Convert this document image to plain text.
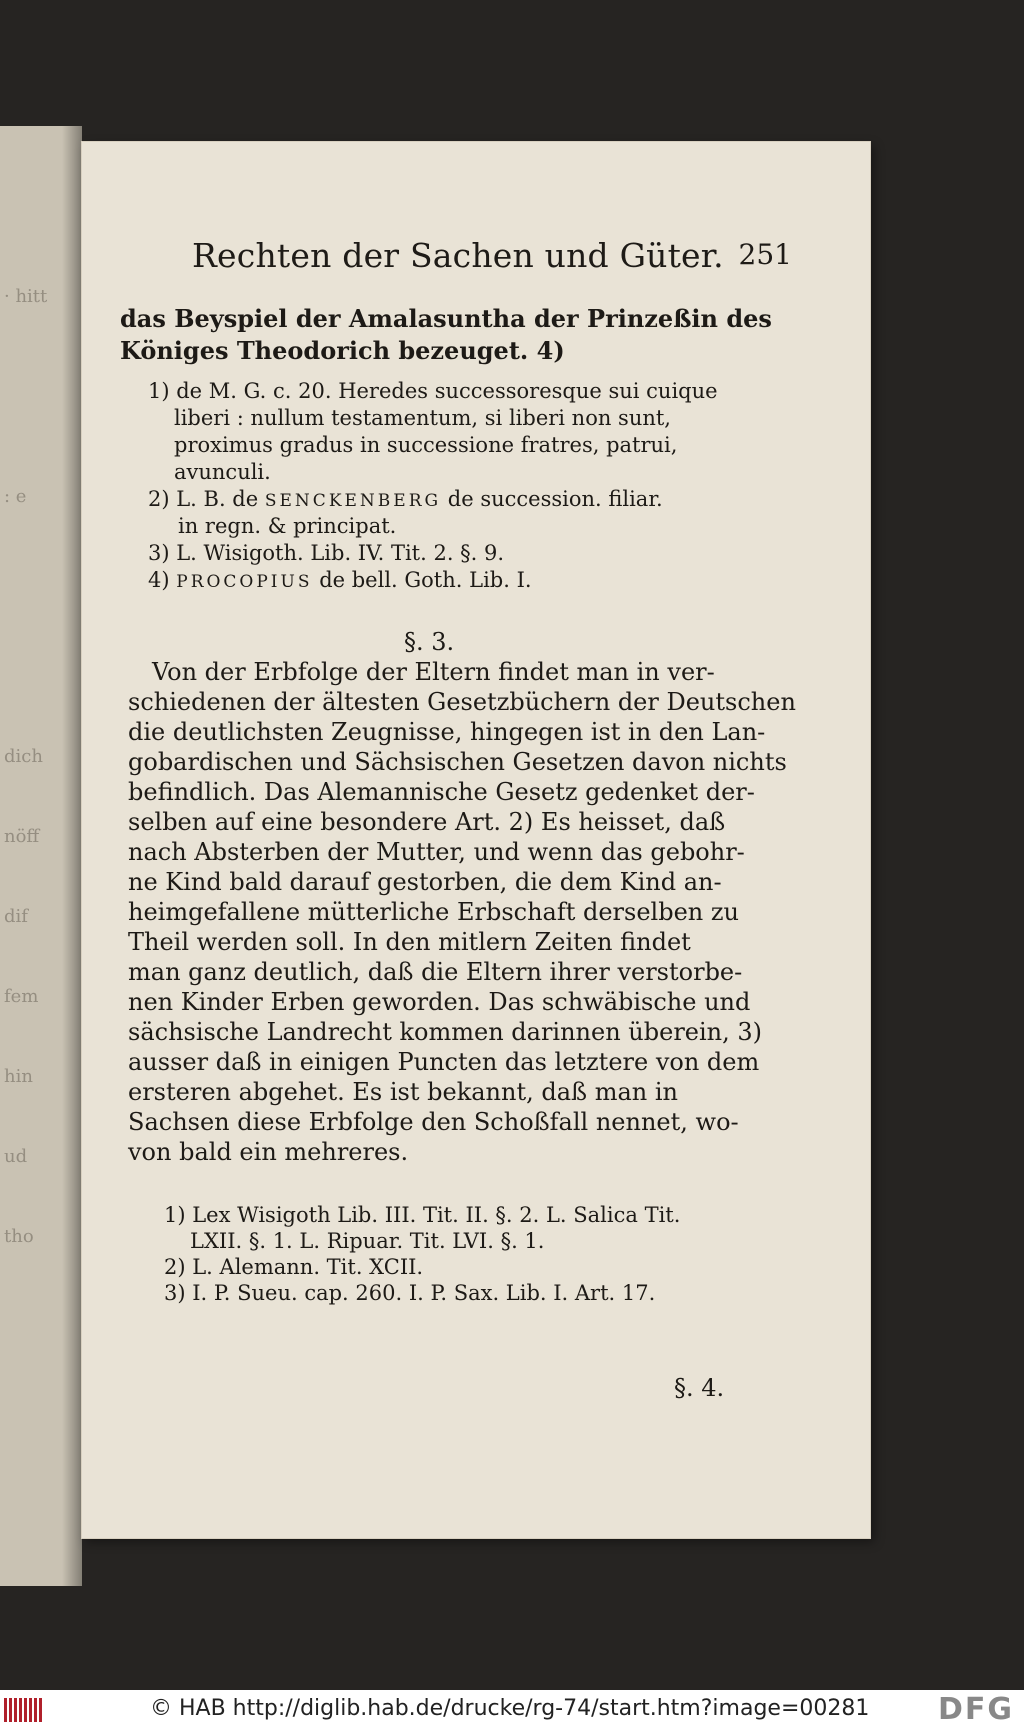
· hitt
: e
dich
nöff
dif
fem
hin
ud
tho
Rechten der Sachen und Güter. 251
das Beyspiel der Amalasuntha der Prinzeßin des
Königes Theodorich bezeuget. 4)
1) de M. G. c. 20. Heredes successoresque sui cuique
liberi : nullum testamentum, si liberi non sunt,
proximus gradus in successione fratres, patrui,
avunculi.
2) L. B. de SENCKENBERG de succession. filiar.
in regn. & principat.
3) L. Wisigoth. Lib. IV. Tit. 2. §. 9.
4) PROCOPIUS de bell. Goth. Lib. I.
§. 3.
Von der Erbfolge der Eltern findet man in ver-
schiedenen der ältesten Gesetzbüchern der Deutschen
die deutlichsten Zeugnisse, hingegen ist in den Lan-
gobardischen und Sächsischen Gesetzen davon nichts
befindlich. Das Alemannische Gesetz gedenket der-
selben auf eine besondere Art. 2) Es heisset, daß
nach Absterben der Mutter, und wenn das gebohr-
ne Kind bald darauf gestorben, die dem Kind an-
heimgefallene mütterliche Erbschaft derselben zu
Theil werden soll. In den mitlern Zeiten findet
man ganz deutlich, daß die Eltern ihrer verstorbe-
nen Kinder Erben geworden. Das schwäbische und
sächsische Landrecht kommen darinnen überein, 3)
ausser daß in einigen Puncten das letztere von dem
ersteren abgehet. Es ist bekannt, daß man in
Sachsen diese Erbfolge den Schoßfall nennet, wo-
von bald ein mehreres.
1) Lex Wisigoth Lib. III. Tit. II. §. 2. L. Salica Tit.
LXII. §. 1. L. Ripuar. Tit. LVI. §. 1.
2) L. Alemann. Tit. XCII.
3) I. P. Sueu. cap. 260. I. P. Sax. Lib. I. Art. 17.
§. 4.
© HAB http://diglib.hab.de/drucke/rg-74/start.htm?image=00281 DFG
